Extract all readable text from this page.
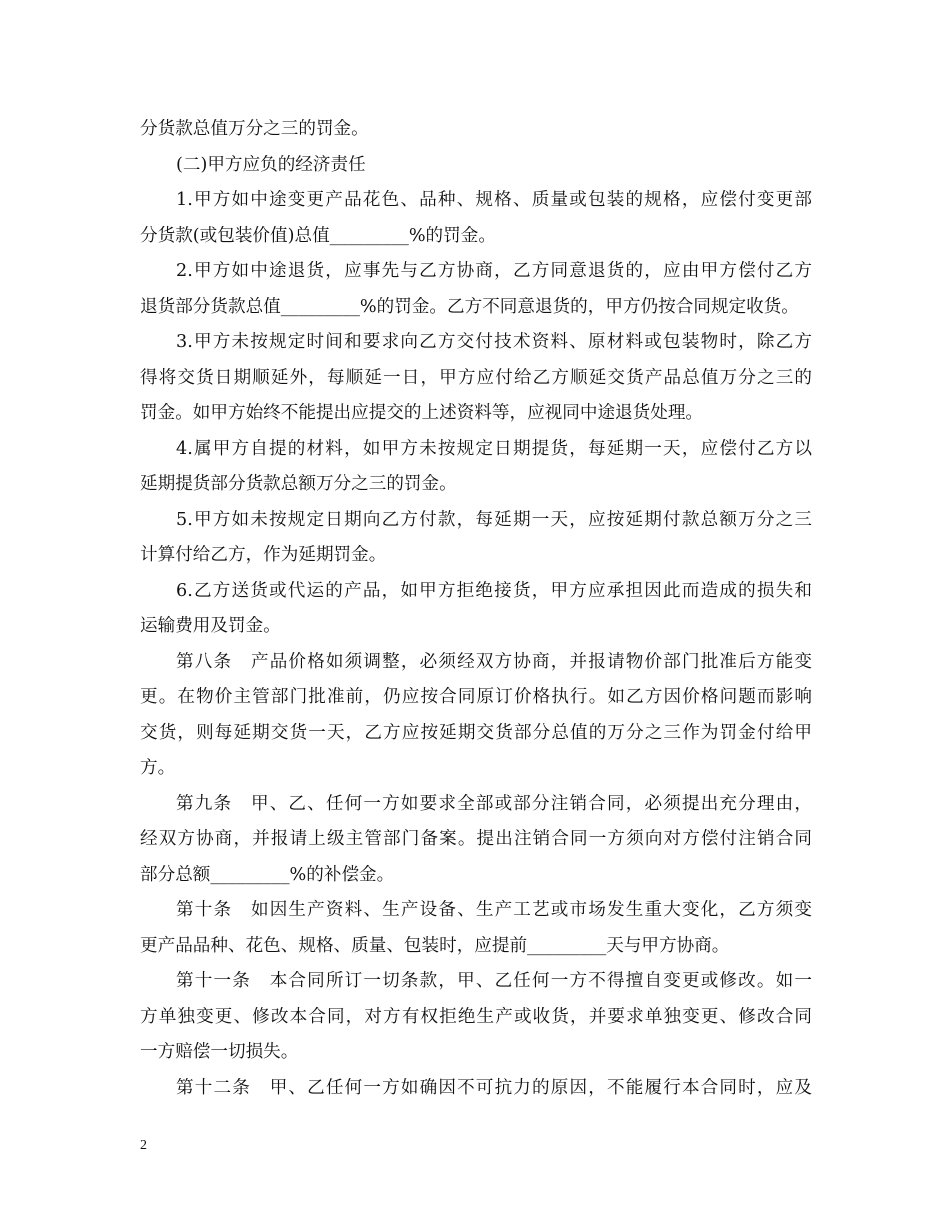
分货款总值万分之三的罚金。
(二)甲方应负的经济责任
1.甲方如中途变更产品花色、品种、规格、质量或包装的规格，应偿付变更部
分货款(或包装价值)总值_________%的罚金。
2.甲方如中途退货，应事先与乙方协商，乙方同意退货的，应由甲方偿付乙方
退货部分货款总值_________%的罚金。乙方不同意退货的，甲方仍按合同规定收货。
3.甲方未按规定时间和要求向乙方交付技术资料、原材料或包装物时，除乙方
得将交货日期顺延外，每顺延一日，甲方应付给乙方顺延交货产品总值万分之三的
罚金。如甲方始终不能提出应提交的上述资料等，应视同中途退货处理。
4.属甲方自提的材料，如甲方未按规定日期提货，每延期一天，应偿付乙方以
延期提货部分货款总额万分之三的罚金。
5.甲方如未按规定日期向乙方付款，每延期一天，应按延期付款总额万分之三
计算付给乙方，作为延期罚金。
6.乙方送货或代运的产品，如甲方拒绝接货，甲方应承担因此而造成的损失和
运输费用及罚金。
第八条　产品价格如须调整，必须经双方协商，并报请物价部门批准后方能变
更。在物价主管部门批准前，仍应按合同原订价格执行。如乙方因价格问题而影响
交货，则每延期交货一天，乙方应按延期交货部分总值的万分之三作为罚金付给甲
方。
第九条　甲、乙、任何一方如要求全部或部分注销合同，必须提出充分理由，
经双方协商，并报请上级主管部门备案。提出注销合同一方须向对方偿付注销合同
部分总额_________%的补偿金。
第十条　如因生产资料、生产设备、生产工艺或市场发生重大变化，乙方须变
更产品品种、花色、规格、质量、包装时，应提前_________天与甲方协商。
第十一条　本合同所订一切条款，甲、乙任何一方不得擅自变更或修改。如一
方单独变更、修改本合同，对方有权拒绝生产或收货，并要求单独变更、修改合同
一方赔偿一切损失。
第十二条　甲、乙任何一方如确因不可抗力的原因，不能履行本合同时，应及
2
